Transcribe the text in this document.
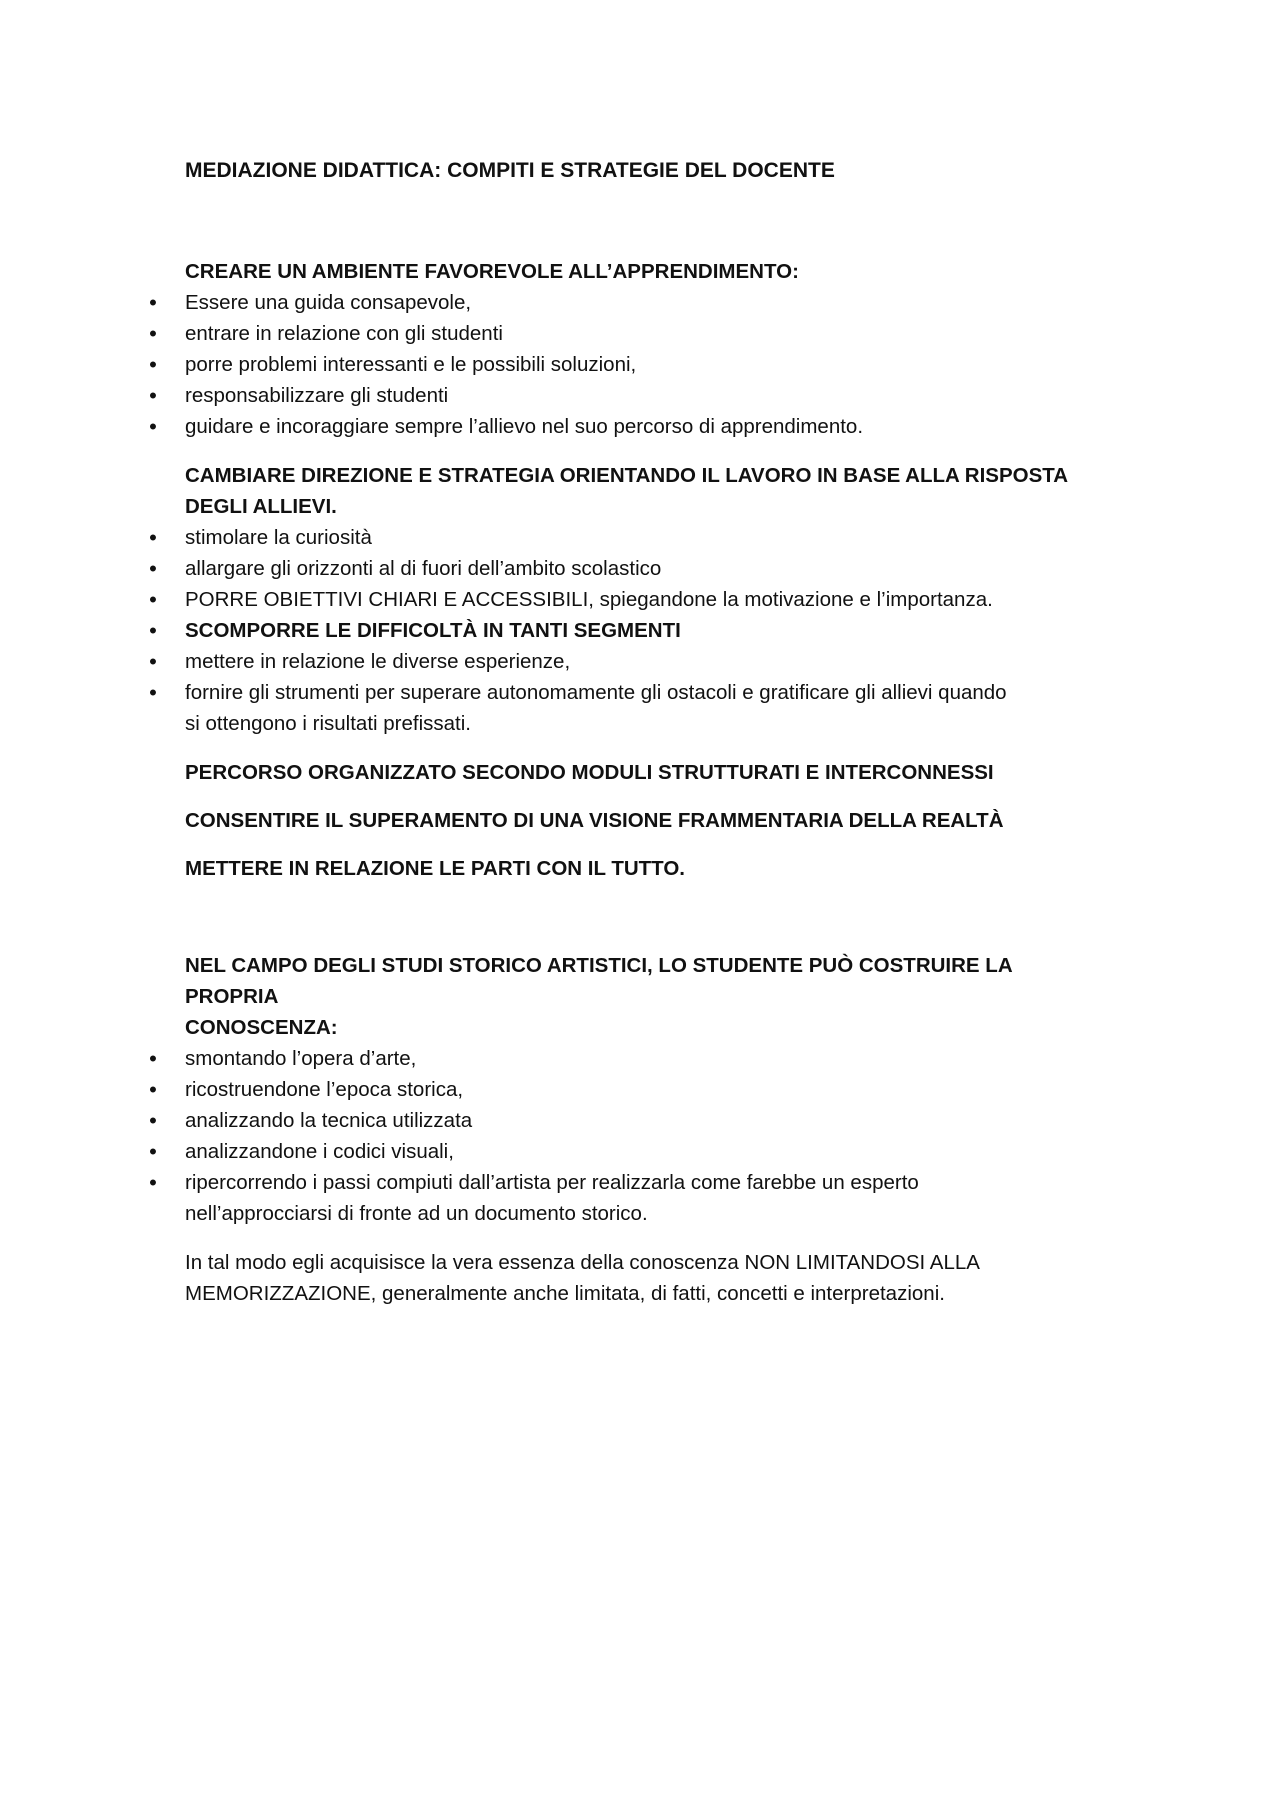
MEDIAZIONE DIDATTICA: COMPITI E STRATEGIE DEL DOCENTE

CREARE UN AMBIENTE FAVOREVOLE ALL’APPRENDIMENTO:

• Essere una guida consapevole,
• entrare in relazione con gli studenti
• porre problemi interessanti e le possibili soluzioni,
• responsabilizzare gli studenti
• guidare e incoraggiare sempre l’allievo nel suo percorso di apprendimento.

CAMBIARE DIREZIONE E STRATEGIA ORIENTANDO IL LAVORO IN BASE ALLA RISPOSTA
DEGLI ALLIEVI.

• stimolare la curiosità
• allargare gli orizzonti al di fuori dell’ambito scolastico
• PORRE OBIETTIVI CHIARI E ACCESSIBILI, spiegandone la motivazione e l’importanza.
• SCOMPORRE LE DIFFICOLTÀ IN TANTI SEGMENTI
• mettere in relazione le diverse esperienze,
• fornire gli strumenti per superare autonomamente gli ostacoli e gratificare gli allievi quando
si ottengono i risultati prefissati.

PERCORSO ORGANIZZATO SECONDO MODULI STRUTTURATI E INTERCONNESSI

CONSENTIRE IL SUPERAMENTO DI UNA VISIONE FRAMMENTARIA DELLA REALTÀ

METTERE IN RELAZIONE LE PARTI CON IL TUTTO.

NEL CAMPO DEGLI STUDI STORICO ARTISTICI, LO STUDENTE PUÒ COSTRUIRE LA PROPRIA
CONOSCENZA:

• smontando l’opera d’arte,
• ricostruendone l’epoca storica,
• analizzando la tecnica utilizzata
• analizzandone i codici visuali,
• ripercorrendo i passi compiuti dall’artista per realizzarla come farebbe un esperto
nell’approcciarsi di fronte ad un documento storico.

In tal modo egli acquisisce la vera essenza della conoscenza NON LIMITANDOSI ALLA
MEMORIZZAZIONE, generalmente anche limitata, di fatti, concetti e interpretazioni.
